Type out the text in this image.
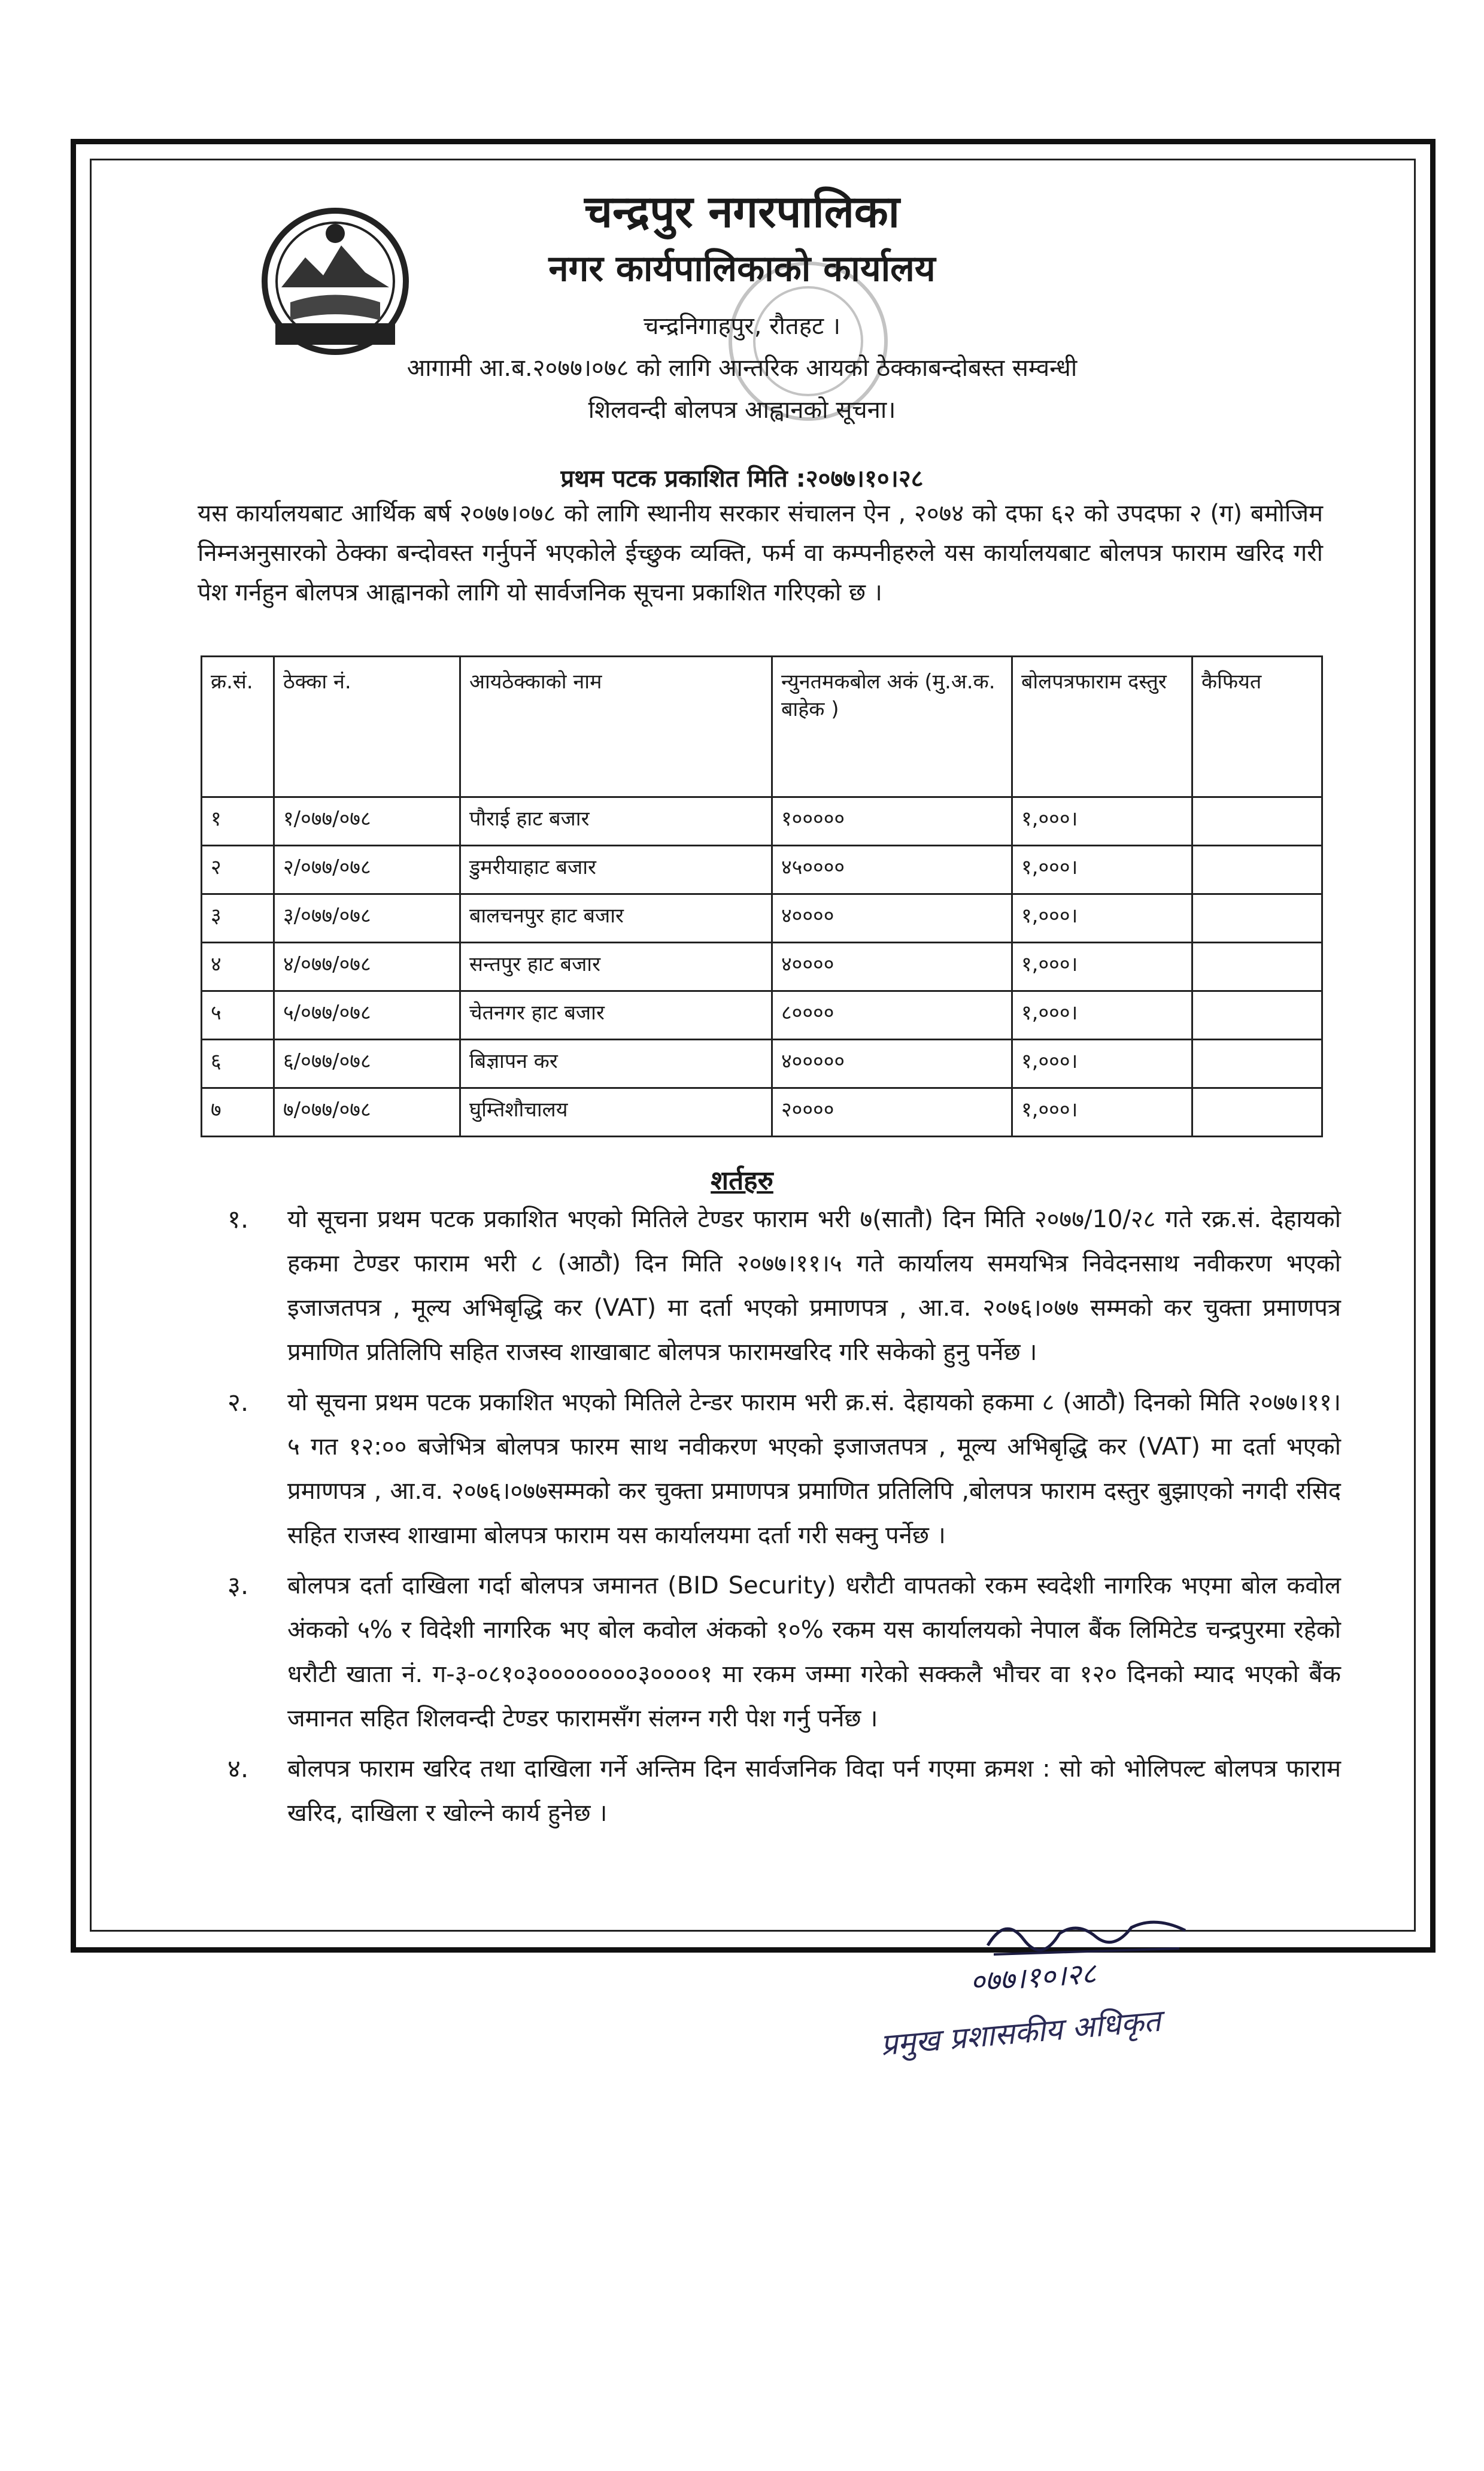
चन्द्रपुर नगरपालिका
नगर कार्यपालिकाको कार्यालय
चन्द्रनिगाहपुर, रौतहट ।
आगामी आ.ब.२०७७।०७८ को लागि आन्तरिक आयको ठेक्काबन्दोबस्त सम्वन्धी
शिलवन्दी बोलपत्र आह्वानको सूचना।
प्रथम पटक प्रकाशित मिति :२०७७।१०।२८
यस कार्यालयबाट आर्थिक बर्ष २०७७।०७८ को लागि स्थानीय सरकार संचालन ऐन , २०७४ को दफा ६२ को उपदफा २ (ग) बमोजिम निम्नअनुसारको ठेक्का बन्दोवस्त गर्नुपर्ने भएकोले ईच्छुक व्यक्ति, फर्म वा कम्पनीहरुले यस कार्यालयबाट बोलपत्र फाराम खरिद गरी पेश गर्नहुन बोलपत्र आह्वानको लागि यो सार्वजनिक सूचना प्रकाशित गरिएको छ ।
क्र.सं.	ठेक्का नं.	आयठेक्काको नाम	न्युनतमकबोल अकं (मु.अ.क. बाहेक )	बोलपत्रफाराम दस्तुर	कैफियत
१	१/०७७/०७८	पौराई हाट बजार	१०००००	१,०००।	
२	२/०७७/०७८	डुमरीयाहाट बजार	४५००००	१,०००।	
३	३/०७७/०७८	बालचनपुर हाट बजार	४००००	१,०००।	
४	४/०७७/०७८	सन्तपुर हाट बजार	४००००	१,०००।	
५	५/०७७/०७८	चेतनगर हाट बजार	८००००	१,०००।	
६	६/०७७/०७८	बिज्ञापन कर	४०००००	१,०००।	
७	७/०७७/०७८	घुम्तिशौचालय	२००००	१,०००।	
शर्तहरु
१. यो सूचना प्रथम पटक प्रकाशित भएको मितिले टेण्डर फाराम भरी ७(सातौ) दिन मिति २०७७/10/२८ गते रक्र.सं. देहायको हकमा टेण्डर फाराम भरी ८ (आठौ) दिन मिति २०७७।११।५ गते कार्यालय समयभित्र निवेदनसाथ नवीकरण भएको इजाजतपत्र , मूल्य अभिबृद्धि कर (VAT) मा दर्ता भएको प्रमाणपत्र , आ.व. २०७६।०७७ सम्मको कर चुक्ता प्रमाणपत्र प्रमाणित प्रतिलिपि सहित राजस्व शाखाबाट बोलपत्र फारामखरिद गरि सकेको हुनु पर्नेछ ।
२. यो सूचना प्रथम पटक प्रकाशित भएको मितिले टेन्डर फाराम भरी क्र.सं. देहायको हकमा ८ (आठौ) दिनको मिति २०७७।११।५ गत १२:०० बजेभित्र बोलपत्र फारम साथ नवीकरण भएको इजाजतपत्र , मूल्य अभिबृद्धि कर (VAT) मा दर्ता भएको प्रमाणपत्र , आ.व. २०७६।०७७सम्मको कर चुक्ता प्रमाणपत्र प्रमाणित प्रतिलिपि ,बोलपत्र फाराम दस्तुर बुझाएको नगदी रसिद सहित राजस्व शाखामा बोलपत्र फाराम यस कार्यालयमा दर्ता गरी सक्नु पर्नेछ ।
३. बोलपत्र दर्ता दाखिला गर्दा बोलपत्र जमानत (BID Security) धरौटी वापतको रकम स्वदेशी नागरिक भएमा बोल कवोल अंकको ५% र विदेशी नागरिक भए बोल कवोल अंकको १०% रकम यस कार्यालयको नेपाल बैंक लिमिटेड चन्द्रपुरमा रहेको धरौटी खाता नं. ग-३-०८१०३००००००००३००००१ मा रकम जम्मा गरेको सक्कलै भौचर वा १२० दिनको म्याद भएको बैंक जमानत सहित शिलवन्दी टेण्डर फारामसँग संलग्न गरी पेश गर्नु पर्नेछ ।
४. बोलपत्र फाराम खरिद तथा दाखिला गर्ने अन्तिम दिन सार्वजनिक विदा पर्न गएमा क्रमश : सो को भोलिपल्ट बोलपत्र फाराम खरिद, दाखिला र खोल्ने कार्य हुनेछ ।
०७७।१०।२८
प्रमुख प्रशासकीय अधिकृत
